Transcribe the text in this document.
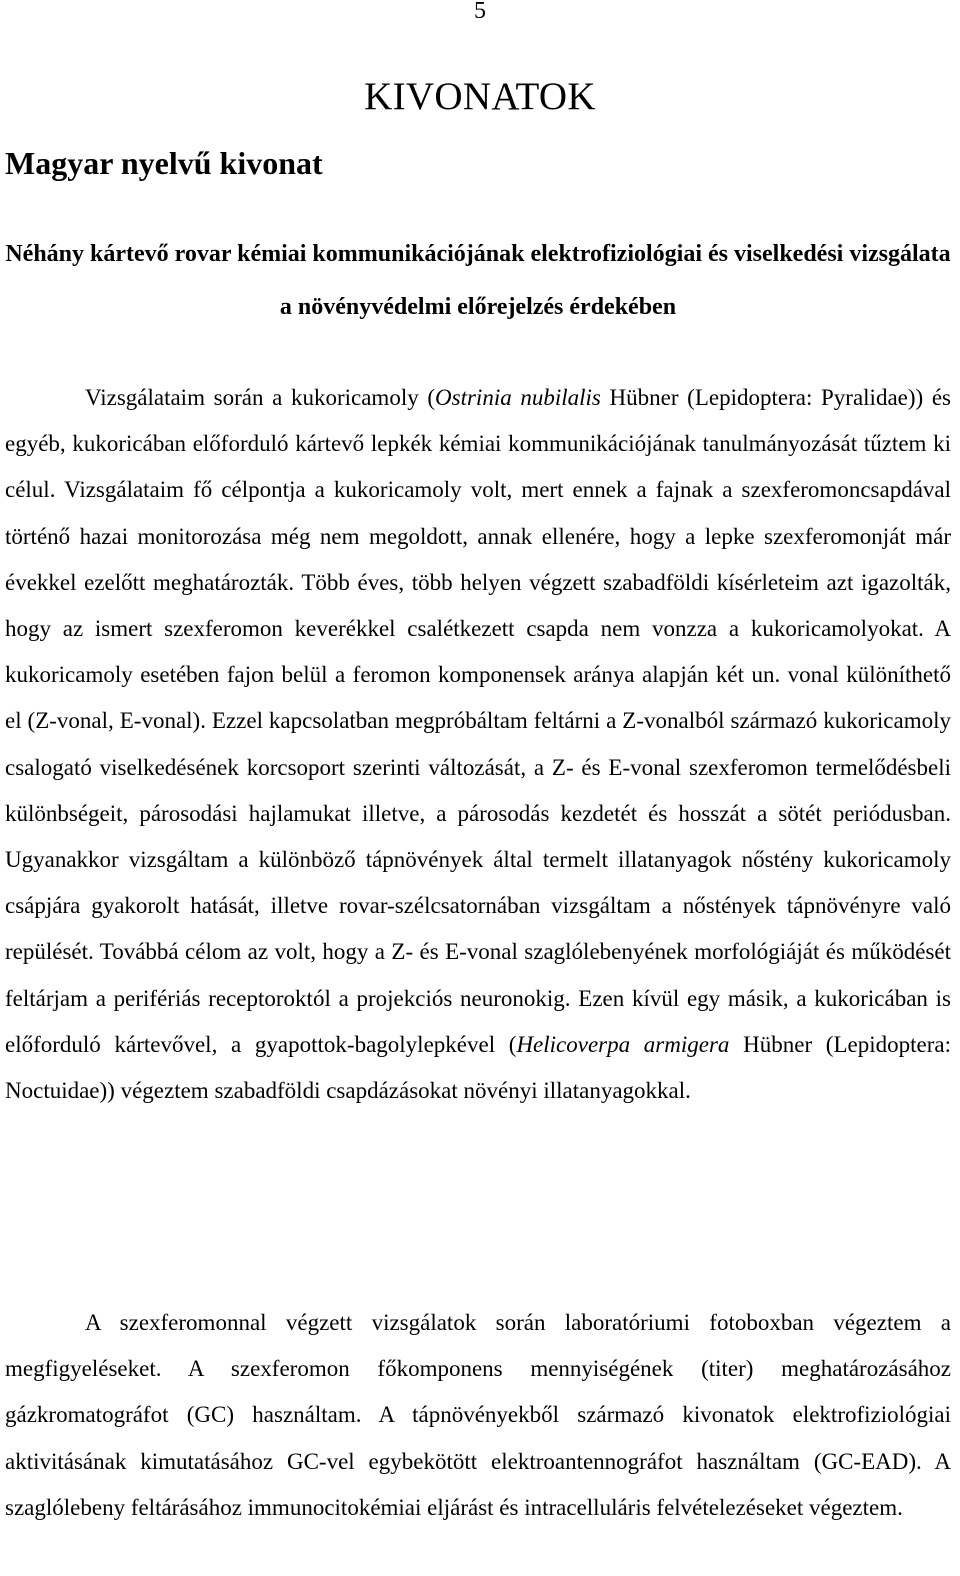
5
KIVONATOK
Magyar nyelvű kivonat
Néhány kártevő rovar kémiai kommunikációjának elektrofiziológiai és viselkedési vizsgálata a növényvédelmi előrejelzés érdekében

Vizsgálataim során a kukoricamoly (Ostrinia nubilalis Hübner (Lepidoptera: Pyralidae)) és egyéb, kukoricában előforduló kártevő lepkék kémiai kommunikációjának tanulmányozását tűztem ki célul. Vizsgálataim fő célpontja a kukoricamoly volt, mert ennek a fajnak a szexferomoncsapdával történő hazai monitorozása még nem megoldott, annak ellenére, hogy a lepke szexferomonját már évekkel ezelőtt meghatározták. Több éves, több helyen végzett szabadföldi kísérleteim azt igazolták, hogy az ismert szexferomon keverékkel csalétkezett csapda nem vonzza a kukoricamolyokat. A kukoricamoly esetében fajon belül a feromon komponensek aránya alapján két un. vonal különíthető el (Z-vonal, E-vonal). Ezzel kapcsolatban megpróbáltam feltárni a Z-vonalból származó kukoricamoly csalogató viselkedésének korcsoport szerinti változását, a Z- és E-vonal szexferomon termelődésbeli különbségeit, párosodási hajlamukat illetve, a párosodás kezdetét és hosszát a sötét periódusban. Ugyanakkor vizsgáltam a különböző tápnövények által termelt illatanyagok nőstény kukoricamoly csápjára gyakorolt hatását, illetve rovar-szélcsatornában vizsgáltam a nőstények tápnövényre való repülését. Továbbá célom az volt, hogy a Z- és E-vonal szaglólebenyének morfológiáját és működését feltárjam a perifériás receptoroktól a projekciós neuronokig. Ezen kívül egy másik, a kukoricában is előforduló kártevővel, a gyapottok-bagolylepkével (Helicoverpa armigera Hübner (Lepidoptera: Noctuidae)) végeztem szabadföldi csapdázásokat növényi illatanyagokkal.

A szexferomonnal végzett vizsgálatok során laboratóriumi fotoboxban végeztem a megfigyeléseket. A szexferomon főkomponens mennyiségének (titer) meghatározásához gázkromatográfot (GC) használtam. A tápnövényekből származó kivonatok elektrofiziológiai aktivitásának kimutatásához GC-vel egybekötött elektroantennográfot használtam (GC-EAD). A szaglólebeny feltárásához immunocitokémiai eljárást és intracelluláris felvételezéseket végeztem.
